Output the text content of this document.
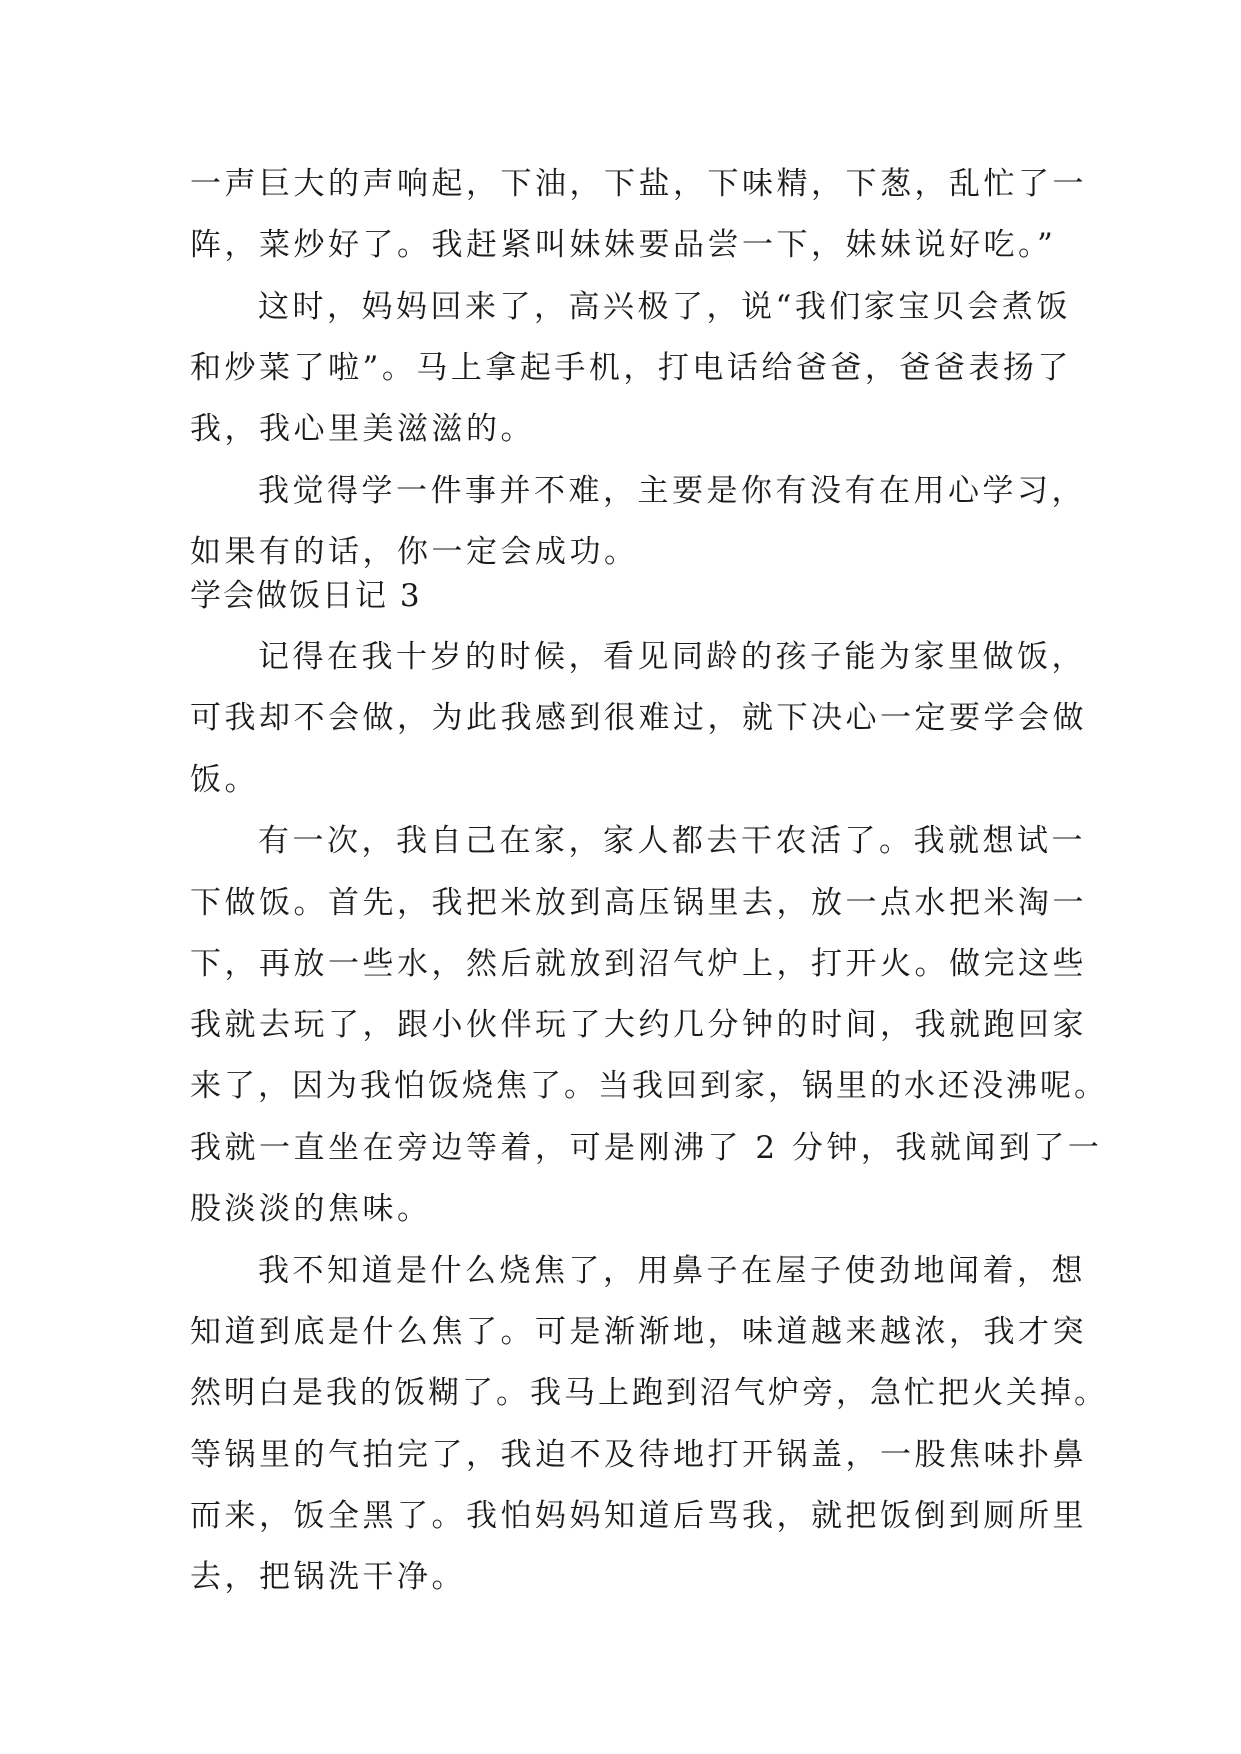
一声巨大的声响起，下油，下盐，下味精，下葱，乱忙了一
阵，菜炒好了。我赶紧叫妹妹要品尝一下，妹妹说好吃。”
这时，妈妈回来了，高兴极了，说“我们家宝贝会煮饭
和炒菜了啦”。马上拿起手机，打电话给爸爸，爸爸表扬了
我，我心里美滋滋的。
我觉得学一件事并不难，主要是你有没有在用心学习，
如果有的话，你一定会成功。
学会做饭日记 3
记得在我十岁的时候，看见同龄的孩子能为家里做饭，
可我却不会做，为此我感到很难过，就下决心一定要学会做
饭。
有一次，我自己在家，家人都去干农活了。我就想试一
下做饭。首先，我把米放到高压锅里去，放一点水把米淘一
下，再放一些水，然后就放到沼气炉上，打开火。做完这些
我就去玩了，跟小伙伴玩了大约几分钟的时间，我就跑回家
来了，因为我怕饭烧焦了。当我回到家，锅里的水还没沸呢。
我就一直坐在旁边等着，可是刚沸了 2 分钟，我就闻到了一
股淡淡的焦味。
我不知道是什么烧焦了，用鼻子在屋子使劲地闻着，想
知道到底是什么焦了。可是渐渐地，味道越来越浓，我才突
然明白是我的饭糊了。我马上跑到沼气炉旁，急忙把火关掉。
等锅里的气拍完了，我迫不及待地打开锅盖，一股焦味扑鼻
而来，饭全黑了。我怕妈妈知道后骂我，就把饭倒到厕所里
去，把锅洗干净。
